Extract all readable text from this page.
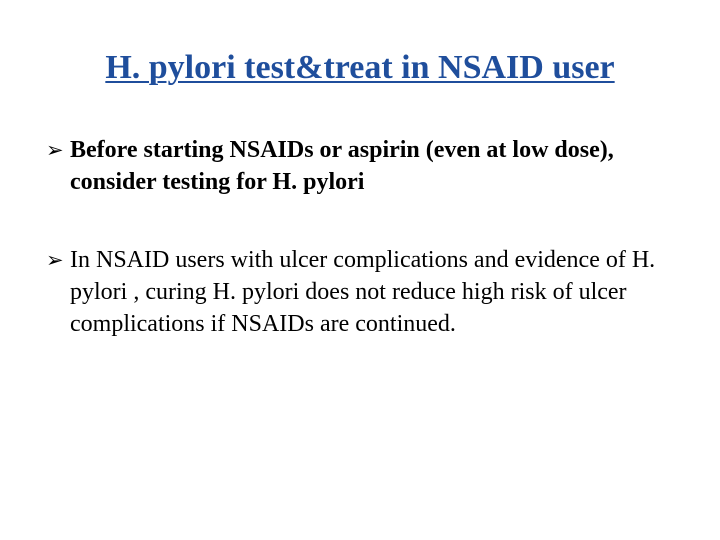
H. pylori test&treat in NSAID user
➢ Before starting NSAIDs or aspirin (even at low dose), consider testing for H. pylori
➢ In NSAID users with ulcer complications and evidence of H. pylori , curing H. pylori does not reduce high risk of ulcer complications if NSAIDs are continued.
